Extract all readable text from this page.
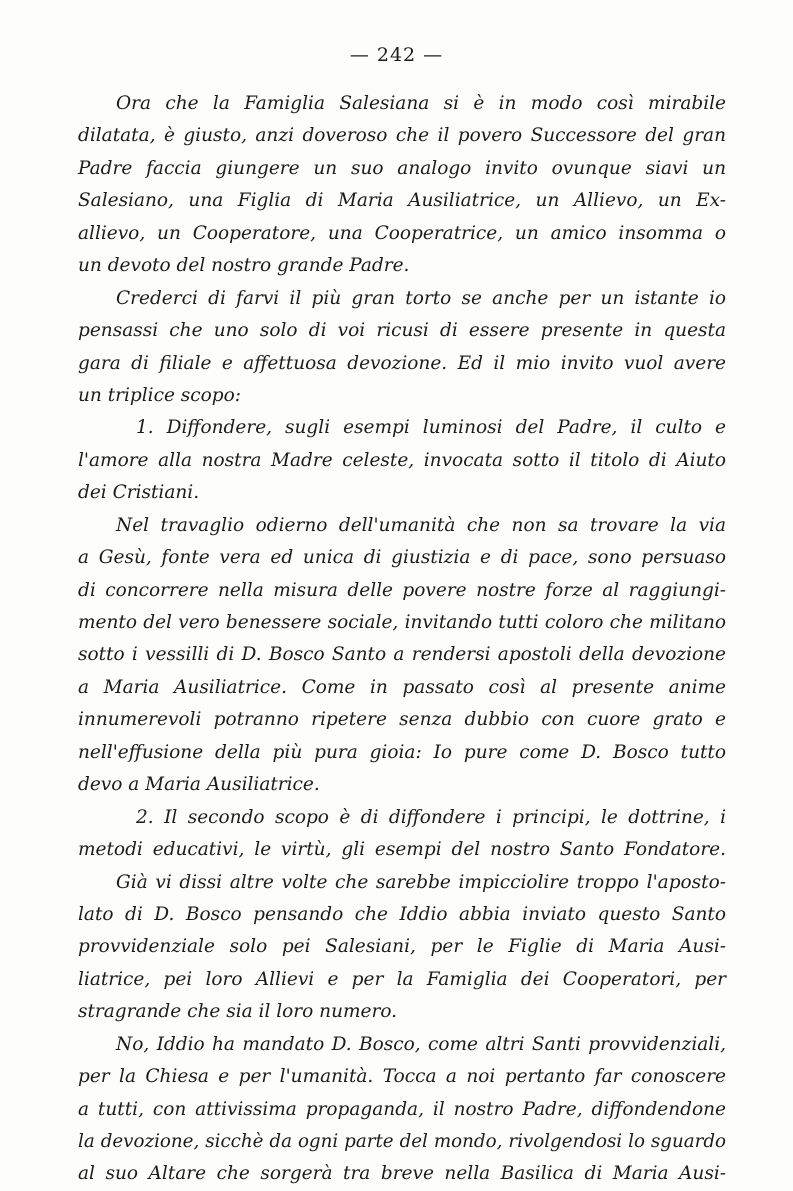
— 242 —
Ora che la Famiglia Salesiana si è in modo così mirabile
dilatata, è giusto, anzi doveroso che il povero Successore del gran
Padre faccia giungere un suo analogo invito ovunque siavi un
Salesiano, una Figlia di Maria Ausiliatrice, un Allievo, un Ex-
allievo, un Cooperatore, una Cooperatrice, un amico insomma o
un devoto del nostro grande Padre.
Crederci di farvi il più gran torto se anche per un istante io
pensassi che uno solo di voi ricusi di essere presente in questa
gara di filiale e affettuosa devozione. Ed il mio invito vuol avere
un triplice scopo:
1. Diffondere, sugli esempi luminosi del Padre, il culto e
l'amore alla nostra Madre celeste, invocata sotto il titolo di Aiuto
dei Cristiani.
Nel travaglio odierno dell'umanità che non sa trovare la via
a Gesù, fonte vera ed unica di giustizia e di pace, sono persuaso
di concorrere nella misura delle povere nostre forze al raggiungi-
mento del vero benessere sociale, invitando tutti coloro che militano
sotto i vessilli di D. Bosco Santo a rendersi apostoli della devozione
a Maria Ausiliatrice. Come in passato così al presente anime
innumerevoli potranno ripetere senza dubbio con cuore grato e
nell'effusione della più pura gioia: Io pure come D. Bosco tutto
devo a Maria Ausiliatrice.
2. Il secondo scopo è di diffondere i principi, le dottrine, i
metodi educativi, le virtù, gli esempi del nostro Santo Fondatore.
Già vi dissi altre volte che sarebbe impicciolire troppo l'aposto-
lato di D. Bosco pensando che Iddio abbia inviato questo Santo
provvidenziale solo pei Salesiani, per le Figlie di Maria Ausi-
liatrice, pei loro Allievi e per la Famiglia dei Cooperatori, per
stragrande che sia il loro numero.
No, Iddio ha mandato D. Bosco, come altri Santi provvidenziali,
per la Chiesa e per l'umanità. Tocca a noi pertanto far conoscere
a tutti, con attivissima propaganda, il nostro Padre, diffondendone
la devozione, sicchè da ogni parte del mondo, rivolgendosi lo sguardo
al suo Altare che sorgerà tra breve nella Basilica di Maria Ausi-
